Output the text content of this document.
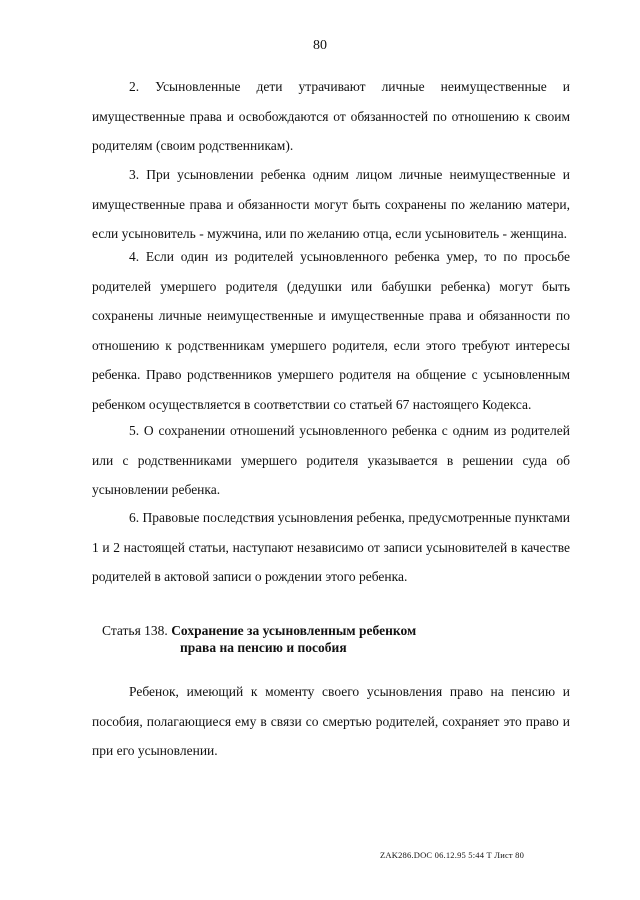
80

2. Усыновленные дети утрачивают личные неимущественные и имущественные права и освобождаются от обязанностей по отношению к своим родителям (своим родственникам).

3. При усыновлении ребенка одним лицом личные неимущественные и имущественные права и обязанности могут быть сохранены по желанию матери, если усыновитель - мужчина, или по желанию отца, если усыновитель - женщина.

4. Если один из родителей усыновленного ребенка умер, то по просьбе родителей умершего родителя (дедушки или бабушки ребенка) могут быть сохранены личные неимущественные и имущественные права и обязанности по отношению к родственникам умершего родителя, если этого требуют интересы ребенка. Право родственников умершего родителя на общение с усыновленным ребенком осуществляется в соответствии со статьей 67 настоящего Кодекса.

5. О сохранении отношений усыновленного ребенка с одним из родителей или с родственниками умершего родителя указывается в решении суда об усыновлении ребенка.

6. Правовые последствия усыновления ребенка, предусмотренные пунктами 1 и 2 настоящей статьи, наступают независимо от записи усыновителей в качестве родителей в актовой записи о рождении этого ребенка.

Статья 138. Сохранение за усыновленным ребенком
права на пенсию и пособия

Ребенок, имеющий к моменту своего усыновления право на пенсию и пособия, полагающиеся ему в связи со смертью родителей, сохраняет это право и при его усыновлении.

ZAK286.DOC 06.12.95 5:44 Т Лист 80
